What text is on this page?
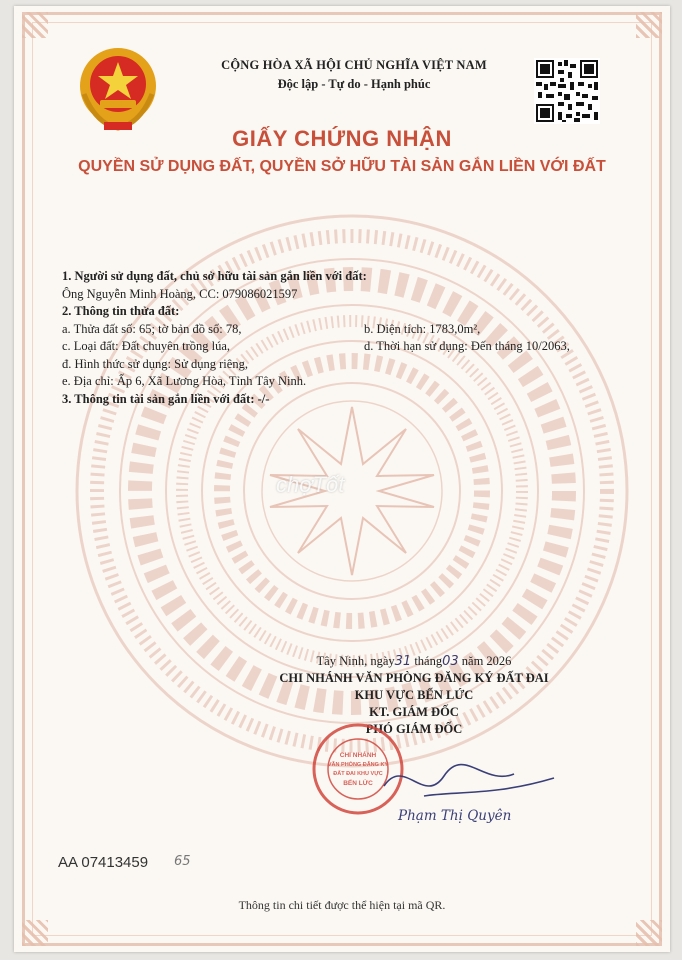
CỘNG HÒA XÃ HỘI CHỦ NGHĨA VIỆT NAM
Độc lập - Tự do - Hạnh phúc
GIẤY CHỨNG NHẬN
QUYỀN SỬ DỤNG ĐẤT, QUYỀN SỞ HỮU TÀI SẢN GẮN LIỀN VỚI ĐẤT
1. Người sử dụng đất, chủ sở hữu tài sản gắn liền với đất:
Ông Nguyễn Minh Hoàng, CC: 079086021597
2. Thông tin thửa đất:
a. Thửa đất số: 65; tờ bản đồ số: 78,	b. Diện tích: 1783,0m²,
c. Loại đất: Đất chuyên trồng lúa,	d. Thời hạn sử dụng: Đến tháng 10/2063,
đ. Hình thức sử dụng: Sử dụng riêng,
e. Địa chỉ: Ấp 6, Xã Lương Hòa, Tỉnh Tây Ninh.
3. Thông tin tài sản gắn liền với đất: -/-
chợTốt
Tây Ninh, ngày31 tháng03 năm 2026
CHI NHÁNH VĂN PHÒNG ĐĂNG KÝ ĐẤT ĐAI
KHU VỰC BẾN LỨC
KT. GIÁM ĐỐC
PHÓ GIÁM ĐỐC
CHI NHÁNH
VĂN PHÒNG ĐĂNG KÝ
ĐẤT ĐAI KHU VỰC
BẾN LỨC
Phạm Thị Quyên
AA 07413459 65
Thông tin chi tiết được thể hiện tại mã QR.
